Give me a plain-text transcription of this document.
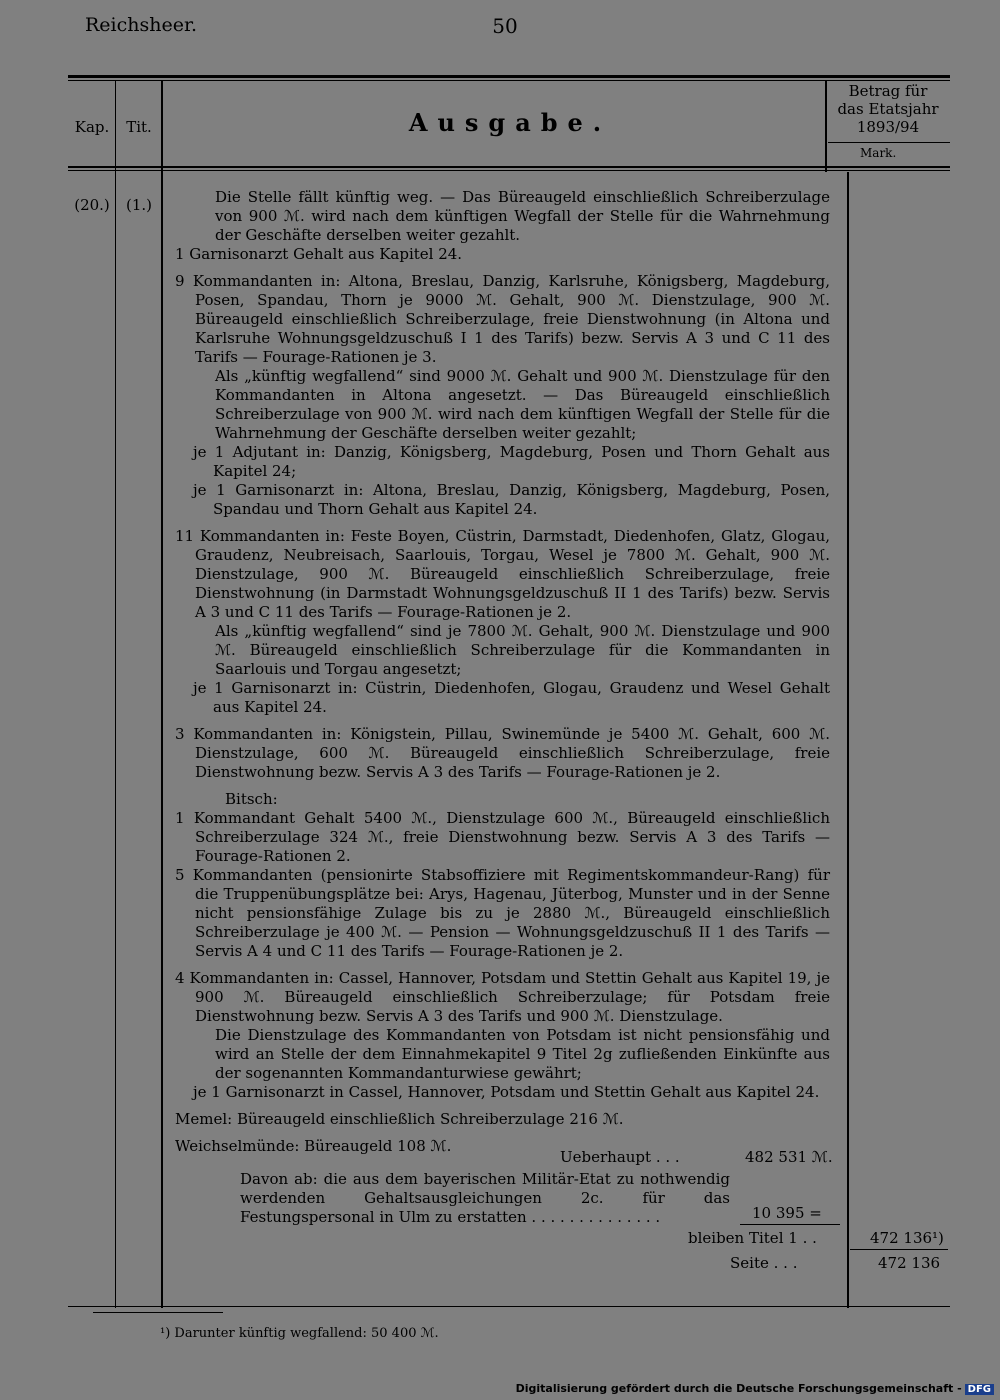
Reichsheer.	50
Kap.	Tit.	Ausgabe.
Betrag für
das Etatsjahr
1893/94
Mark.
(20.)	(1.)	Die Stelle fällt künftig weg. — Das Büreaugeld einschließlich Schreiberzulage von 900 ℳ. wird nach dem künftigen Wegfall der Stelle für die Wahrnehmung der Geschäfte derselben weiter gezahlt.

1 Garnisonarzt Gehalt aus Kapitel 24.

9 Kommandanten in: Altona, Breslau, Danzig, Karlsruhe, Königsberg, Magdeburg, Posen, Spandau, Thorn je 9000 ℳ. Gehalt, 900 ℳ. Dienstzulage, 900 ℳ. Büreaugeld einschließlich Schreiberzulage, freie Dienstwohnung (in Altona und Karlsruhe Wohnungsgeldzuschuß I 1 des Tarifs) bezw. Servis A 3 und C 11 des Tarifs — Fourage-Rationen je 3.

Als „künftig wegfallend“ sind 9000 ℳ. Gehalt und 900 ℳ. Dienstzulage für den Kommandanten in Altona angesetzt. — Das Büreaugeld einschließlich Schreiberzulage von 900 ℳ. wird nach dem künftigen Wegfall der Stelle für die Wahrnehmung der Geschäfte derselben weiter gezahlt;

je 1 Adjutant in: Danzig, Königsberg, Magdeburg, Posen und Thorn Gehalt aus Kapitel 24;

je 1 Garnisonarzt in: Altona, Breslau, Danzig, Königsberg, Magdeburg, Posen, Spandau und Thorn Gehalt aus Kapitel 24.

11 Kommandanten in: Feste Boyen, Cüstrin, Darmstadt, Diedenhofen, Glatz, Glogau, Graudenz, Neubreisach, Saarlouis, Torgau, Wesel je 7800 ℳ. Gehalt, 900 ℳ. Dienstzulage, 900 ℳ. Büreaugeld einschließlich Schreiberzulage, freie Dienstwohnung (in Darmstadt Wohnungsgeldzuschuß II 1 des Tarifs) bezw. Servis A 3 und C 11 des Tarifs — Fourage-Rationen je 2.

Als „künftig wegfallend“ sind je 7800 ℳ. Gehalt, 900 ℳ. Dienstzulage und 900 ℳ. Büreaugeld einschließlich Schreiberzulage für die Kommandanten in Saarlouis und Torgau angesetzt;

je 1 Garnisonarzt in: Cüstrin, Diedenhofen, Glogau, Graudenz und Wesel Gehalt aus Kapitel 24.

3 Kommandanten in: Königstein, Pillau, Swinemünde je 5400 ℳ. Gehalt, 600 ℳ. Dienstzulage, 600 ℳ. Büreaugeld einschließlich Schreiberzulage, freie Dienstwohnung bezw. Servis A 3 des Tarifs — Fourage-Rationen je 2.

Bitsch:

1 Kommandant Gehalt 5400 ℳ., Dienstzulage 600 ℳ., Büreaugeld einschließlich Schreiberzulage 324 ℳ., freie Dienstwohnung bezw. Servis A 3 des Tarifs — Fourage-Rationen 2.

5 Kommandanten (pensionirte Stabsoffiziere mit Regimentskommandeur-Rang) für die Truppenübungsplätze bei: Arys, Hagenau, Jüterbog, Munster und in der Senne nicht pensionsfähige Zulage bis zu je 2880 ℳ., Büreaugeld einschließlich Schreiberzulage je 400 ℳ. — Pension — Wohnungsgeldzuschuß II 1 des Tarifs — Servis A 4 und C 11 des Tarifs — Fourage-Rationen je 2.

4 Kommandanten in: Cassel, Hannover, Potsdam und Stettin Gehalt aus Kapitel 19, je 900 ℳ. Büreaugeld einschließlich Schreiberzulage; für Potsdam freie Dienstwohnung bezw. Servis A 3 des Tarifs und 900 ℳ. Dienstzulage.

Die Dienstzulage des Kommandanten von Potsdam ist nicht pensionsfähig und wird an Stelle der dem Einnahmekapitel 9 Titel 2g zufließenden Einkünfte aus der sogenannten Kommandanturwiese gewährt;

je 1 Garnisonarzt in Cassel, Hannover, Potsdam und Stettin Gehalt aus Kapitel 24.

Memel: Büreaugeld einschließlich Schreiberzulage 216 ℳ.

Weichselmünde: Büreaugeld 108 ℳ.

Ueberhaupt . . .	482 531 ℳ.
Davon ab: die aus dem bayerischen Militär-Etat zu nothwendig werdenden Gehaltsausgleichungen 2c. für das Festungspersonal in Ulm zu erstatten . . . . . . . . . . . . . .	10 395 =
bleiben Titel 1 . .	472 136¹)
Seite . . .	472 136
¹) Darunter künftig wegfallend: 50 400 ℳ.
Digitalisierung gefördert durch die Deutsche Forschungsgemeinschaft - DFG
